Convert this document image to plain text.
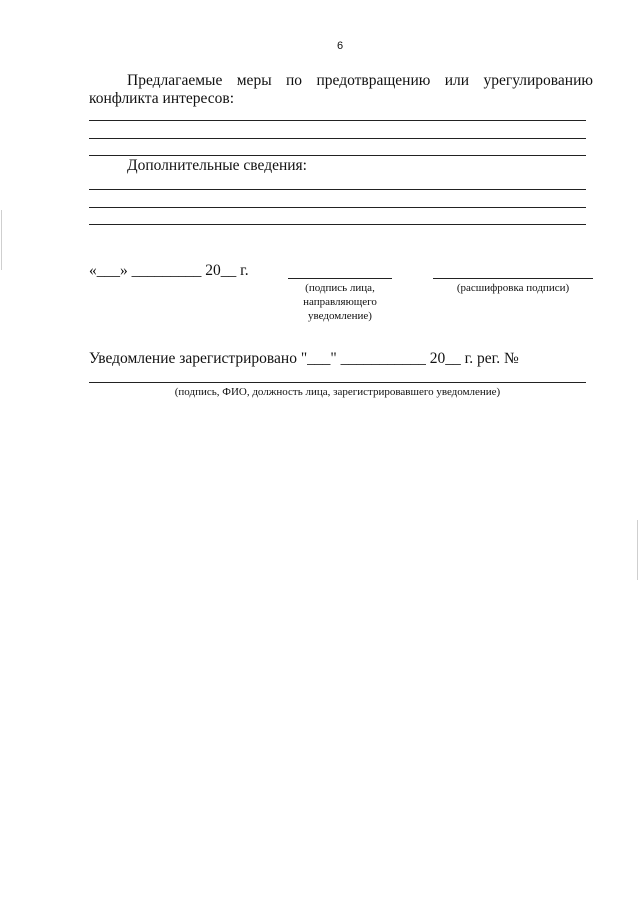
6
Предлагаемые меры по предотвращению или урегулированию
конфликта интересов:
Дополнительные сведения:
«___» _________ 20__ г.
(подпись лица,
направляющего
уведомление)
(расшифровка подписи)
Уведомление зарегистрировано "___" ___________ 20__ г. рег. №
(подпись, ФИО, должность лица, зарегистрировавшего уведомление)
